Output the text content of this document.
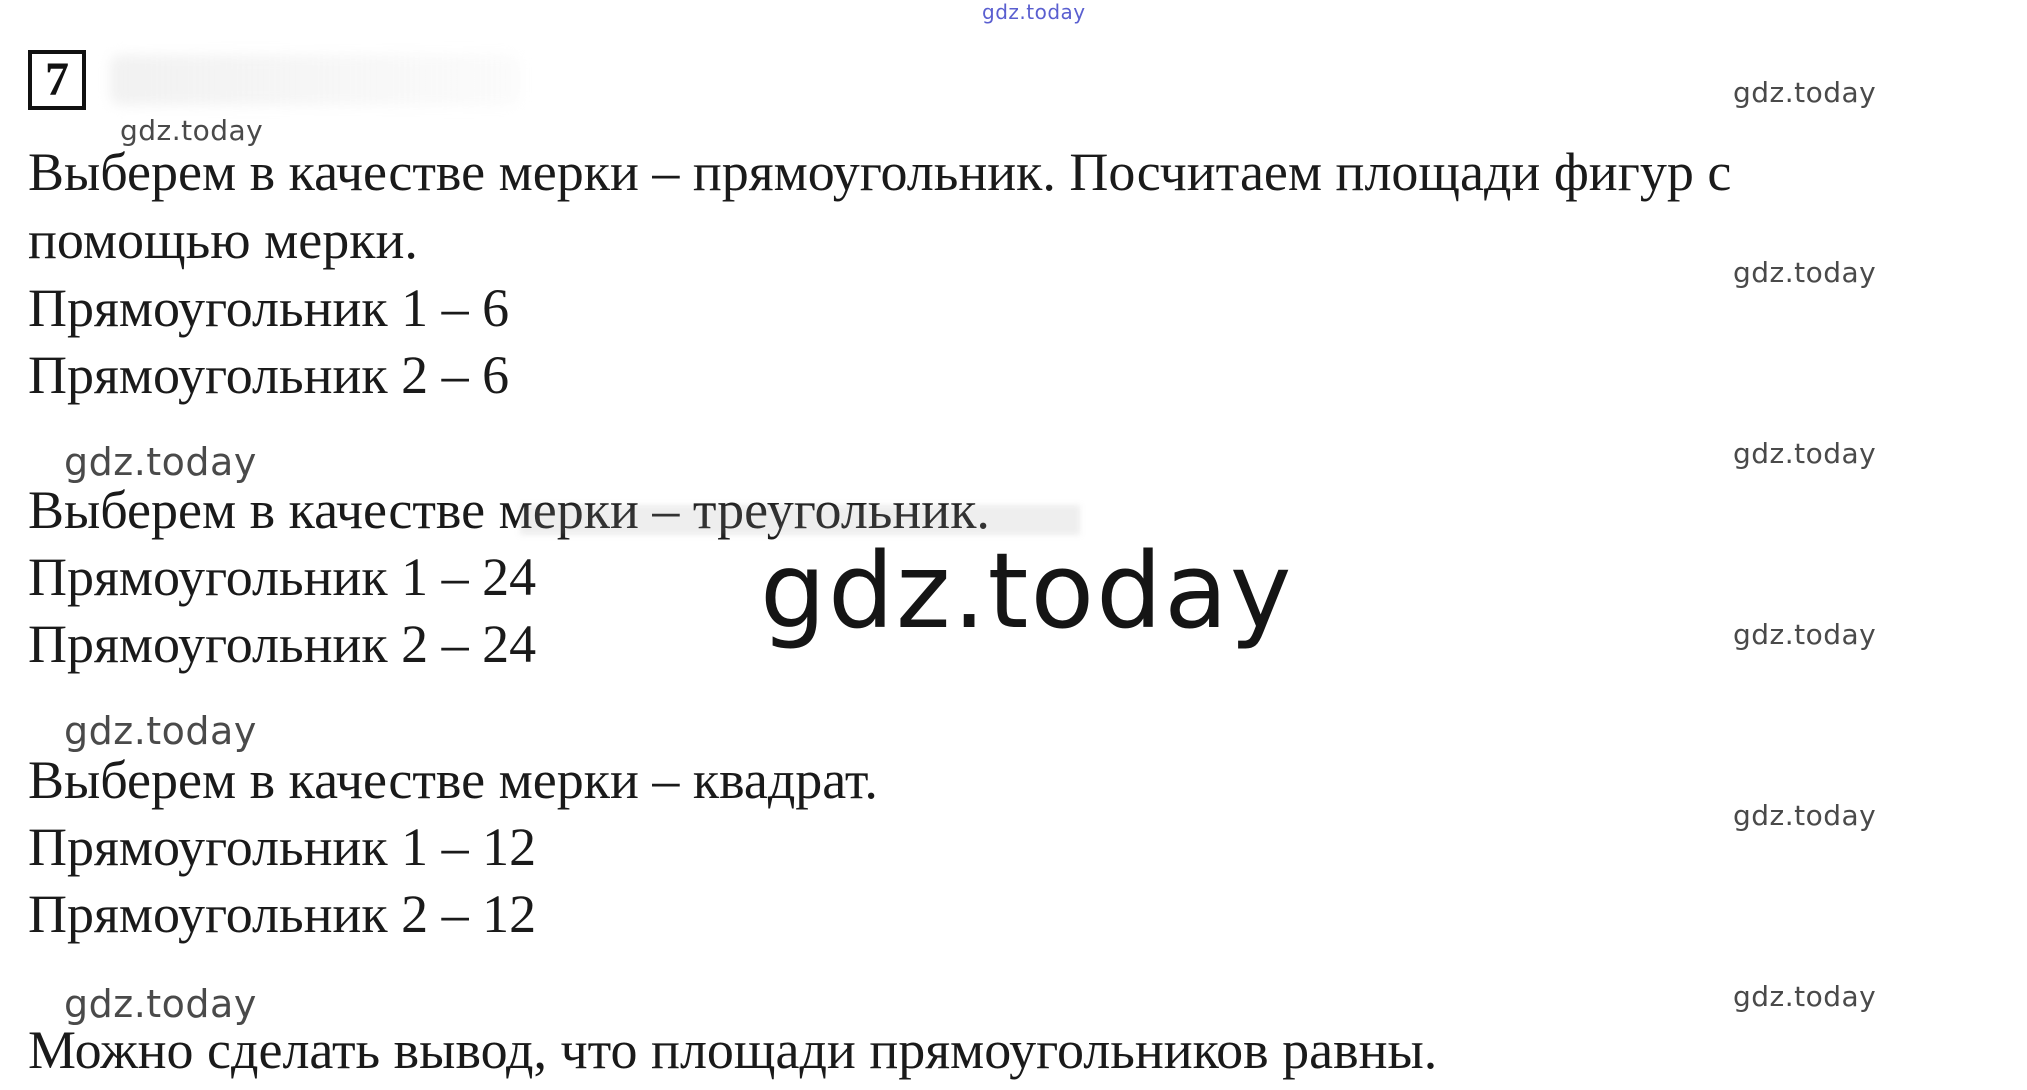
gdz.today
7
gdz.today
gdz.today
gdz.today
gdz.today
gdz.today
gdz.today
gdz.today
Выберем в качестве мерки – прямоугольник. Посчитаем площади фигур с
помощью мерки.
Прямоугольник 1 – 6
Прямоугольник 2 – 6
gdz.today
Выберем в качестве мерки – треугольник.
Прямоугольник 1 – 24
Прямоугольник 2 – 24 gdz.today
gdz.today
Выберем в качестве мерки – квадрат.
Прямоугольник 1 – 12
Прямоугольник 2 – 12
gdz.today
Можно сделать вывод, что площади прямоугольников равны.
